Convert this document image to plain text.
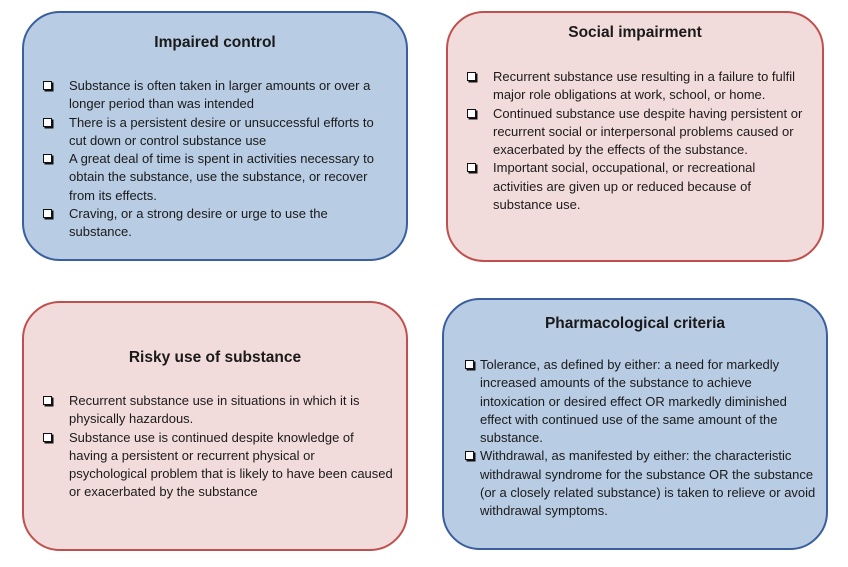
Impaired control
Substance is often taken in larger amounts or over a longer period than was intended
There is a persistent desire or unsuccessful efforts to cut down or control substance use
A great deal of time is spent in activities necessary to obtain the substance, use the substance, or recover from its effects.
Craving, or a strong desire or urge to use the substance.
Social impairment
Recurrent substance use resulting in a failure to fulfil major role obligations at work, school, or home.
Continued substance use despite having persistent or recurrent social or interpersonal problems caused or exacerbated by the effects of the substance.
Important social, occupational, or recreational activities are given up or reduced because of substance use.
Risky use of substance
Recurrent substance use in situations in which it is physically hazardous.
Substance use is continued despite knowledge of having a persistent or recurrent physical or psychological problem that is likely to have been caused or exacerbated by the substance
Pharmacological criteria
Tolerance, as defined by either: a need for markedly increased amounts of the substance to achieve intoxication or desired effect OR markedly diminished effect with continued use of the same amount of the substance.
Withdrawal, as manifested by either: the characteristic withdrawal syndrome for the substance OR the substance (or a closely related substance) is taken to relieve or avoid withdrawal symptoms.
